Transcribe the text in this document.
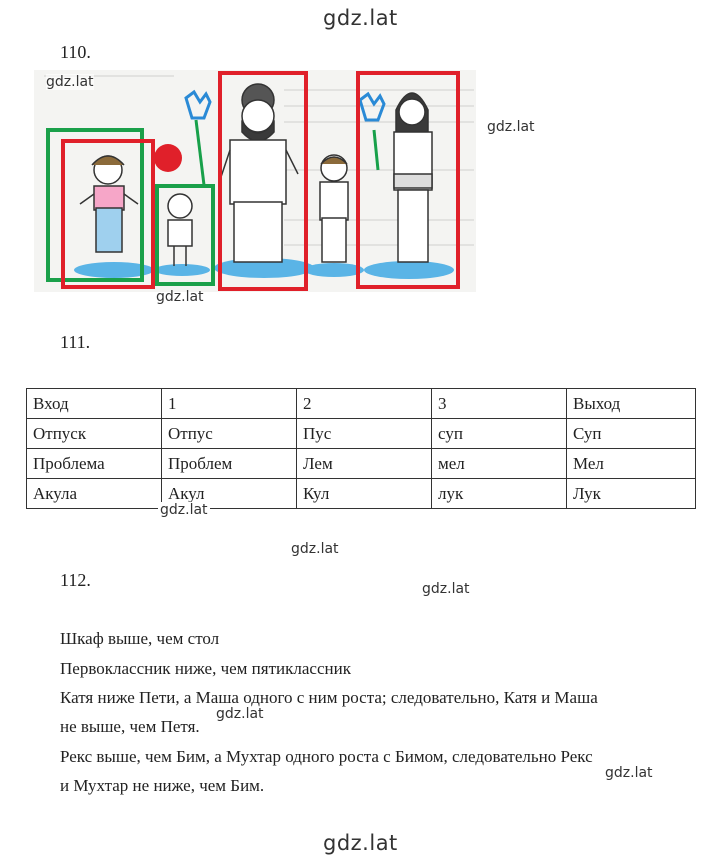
gdz.lat
110.
gdz.lat
gdz.lat
gdz.lat
111.
Вход	1	2	3	Выход
Отпуск	Отпус	Пус	суп	Суп
Проблема	Проблем	Лем	мел	Мел
Акула	Акул	Кул	лук	Лук
gdz.lat
gdz.lat
112.	gdz.lat
Шкаф выше, чем стол
Первоклассник ниже, чем пятиклассник
Катя ниже Пети, а Маша одного с ним роста; следовательно, Катя и Маша
не выше, чем Петя.
Рекс выше, чем Бим, а Мухтар одного роста с Бимом, следовательно Рекс
и Мухтар не ниже, чем Бим.
gdz.lat
gdz.lat
gdz.lat
